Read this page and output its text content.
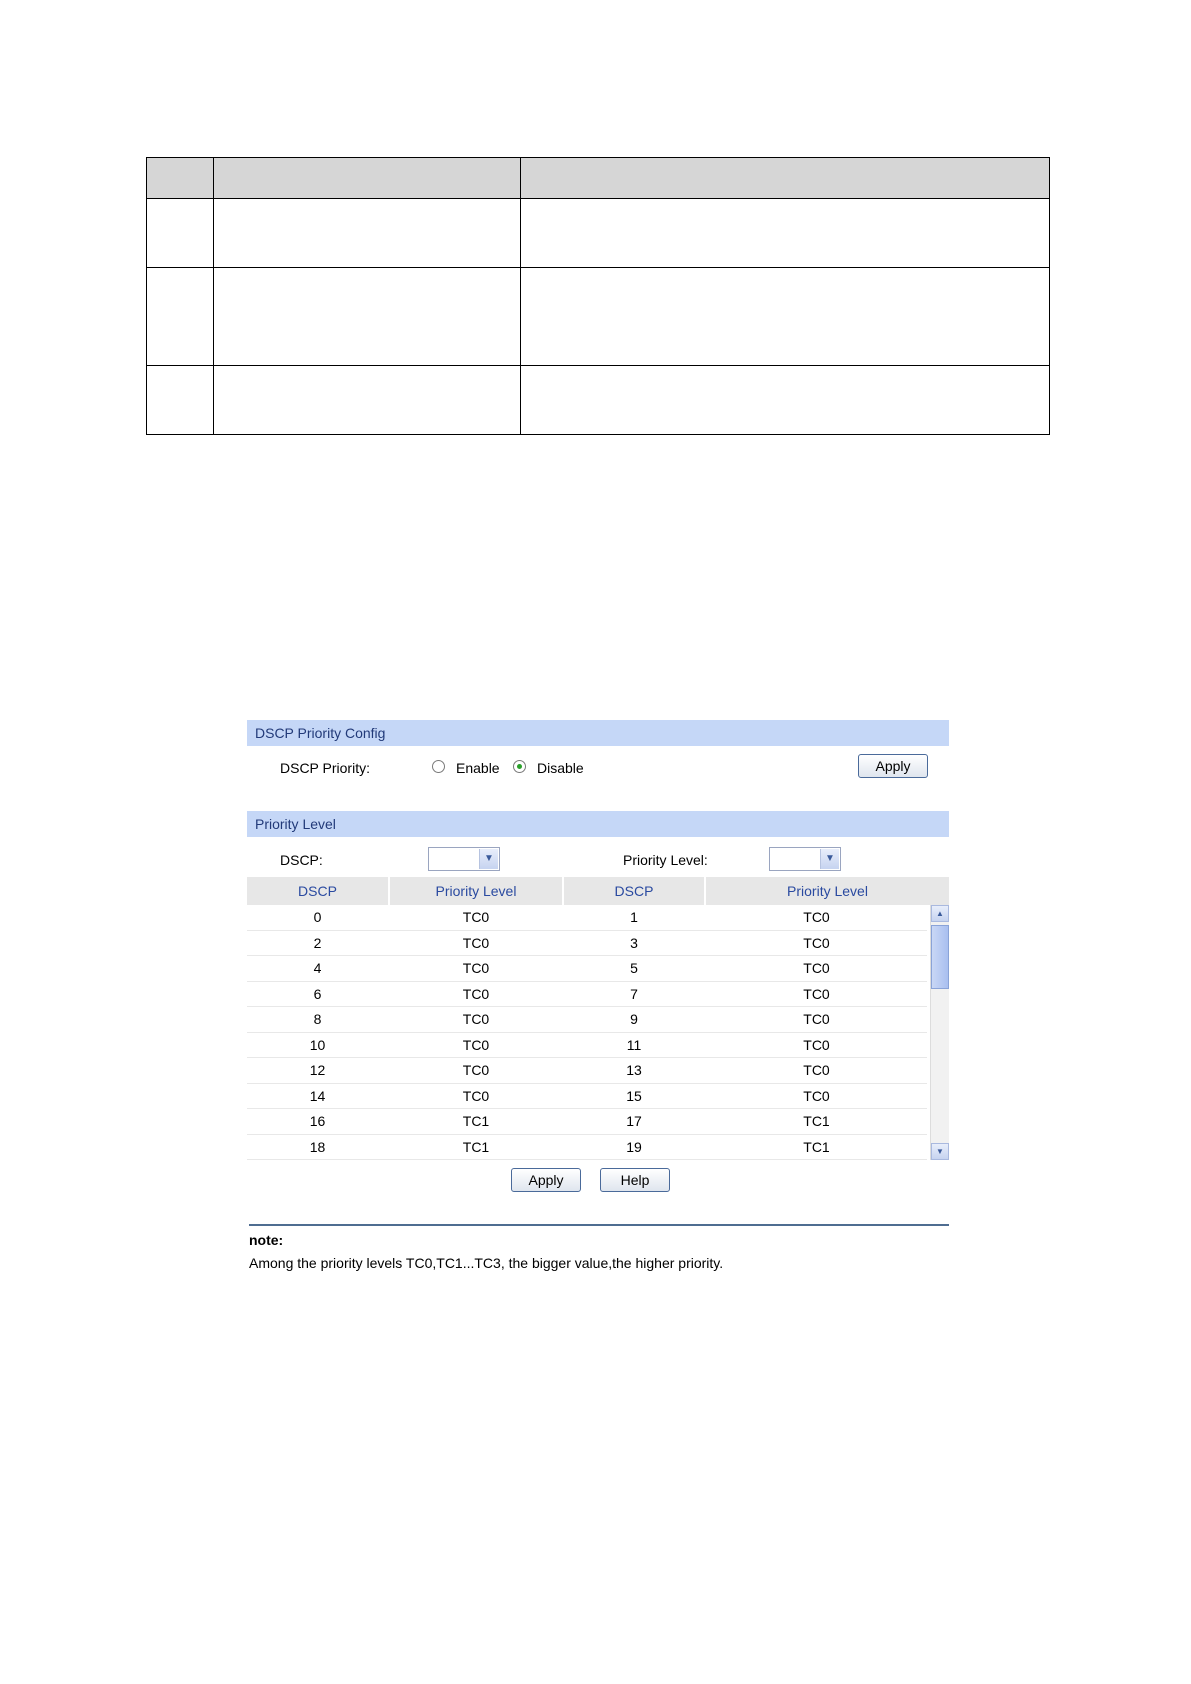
DSCP Priority Config
DSCP Priority:	Enable	Disable	Apply
Priority Level
DSCP:	▼	Priority Level:	▼
DSCP	Priority Level	DSCP	Priority Level
0	TC0	1	TC0
2	TC0	3	TC0
4	TC0	5	TC0
6	TC0	7	TC0
8	TC0	9	TC0
10	TC0	11	TC0
12	TC0	13	TC0
14	TC0	15	TC0
16	TC1	17	TC1
18	TC1	19	TC1
▲
▼
Apply	Help
note:
Among the priority levels TC0,TC1...TC3, the bigger value,the higher priority.
